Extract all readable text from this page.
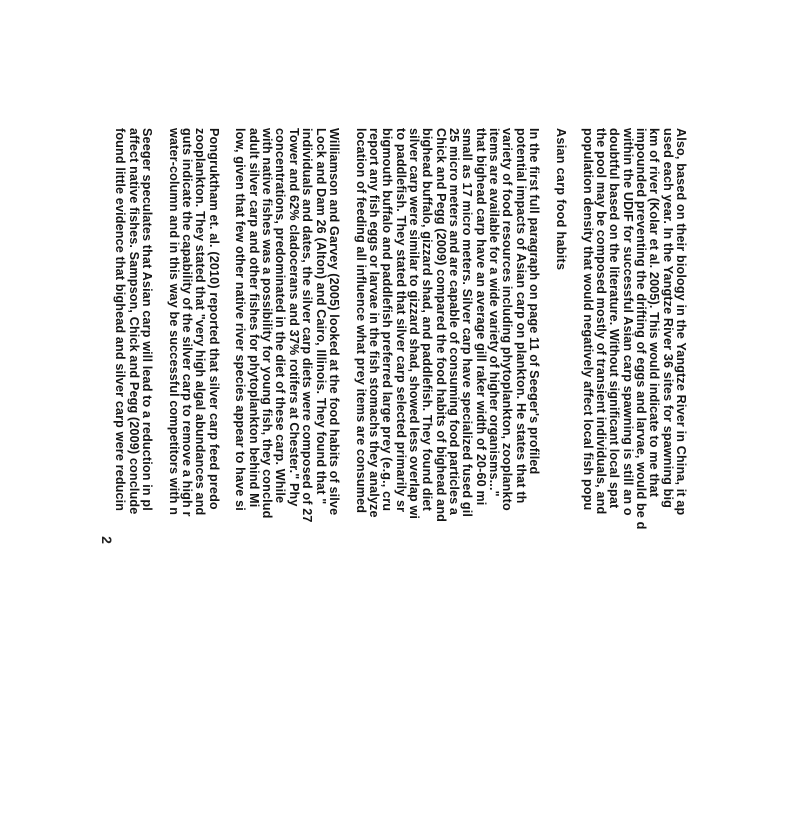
Also, based on their biology in the Yangtze River in China, it ap
used each year. In the Yangtze River 36 sites for spawning big
km of river (Kolar et al. 2005). This would indicate to me that
impounded preventing the drifting of eggs and larvae, would be d
within the UDIF for successful Asian carp spawning is still an o
doubtful based on the literature. Without significant local spat
the pool may be composed mostly of transient individuals, and
population density that would negatively affect local fish popu
Asian carp food habits
In the first full paragraph on page 11 of Seeger's profiled
potential impacts of Asian carp on plankton. He states that th
variety of food resources including phytoplankton, zooplankto
items are available for a wide variety of higher organisms..."
that bighead carp have an average gill raker width of 20-60 mi
small as 17 micro meters. Silver carp have specialized fused gil
25 micro meters and are capable of consuming food particles a
Chick and Pegg (2009) compared the food habits of bighead and
bighead buffalo, gizzard shad, and paddlefish. They found diet
silver carp were similar to gizzard shad, showed less overlap wi
to paddlefish. They stated that silver carp selected primarily sr
bigmouth buffalo and paddlefish preferred large prey (e.g., cru
report any fish eggs or larvae in the fish stomachs they analyze
location of feeding all influence what prey items are consumed
Williamson and Garvey (2005) looked at the food habits of silve
Lock and Dam 26 (Alton) and Cairo, Illinois. They found that "
individuals and dates, the silver carp diets were composed of 27
Tower and 62% cladocerans and 37% rotifers at Chester." Phy
concentrations, predominated in the diet of these carp. While
with native fishes was a possibility for young fish, they conclud
adult silver carp and other fishes for phytoplankton behind Mi
low, given that few other native river species appear to have si
Pongruktham et. al. (2010) reported that silver carp feed predo
zooplankton. They stated that "very high algal abundances and
guts indicate the capability of the silver carp to remove a high r
water-column and in this way be successful competitors with n
Seeger speculates that Asian carp will lead to a reduction in pl
affect native fishes. Sampson, Chick and Pegg (2009) conclude
found little evidence that bighead and silver carp were reducin
2
